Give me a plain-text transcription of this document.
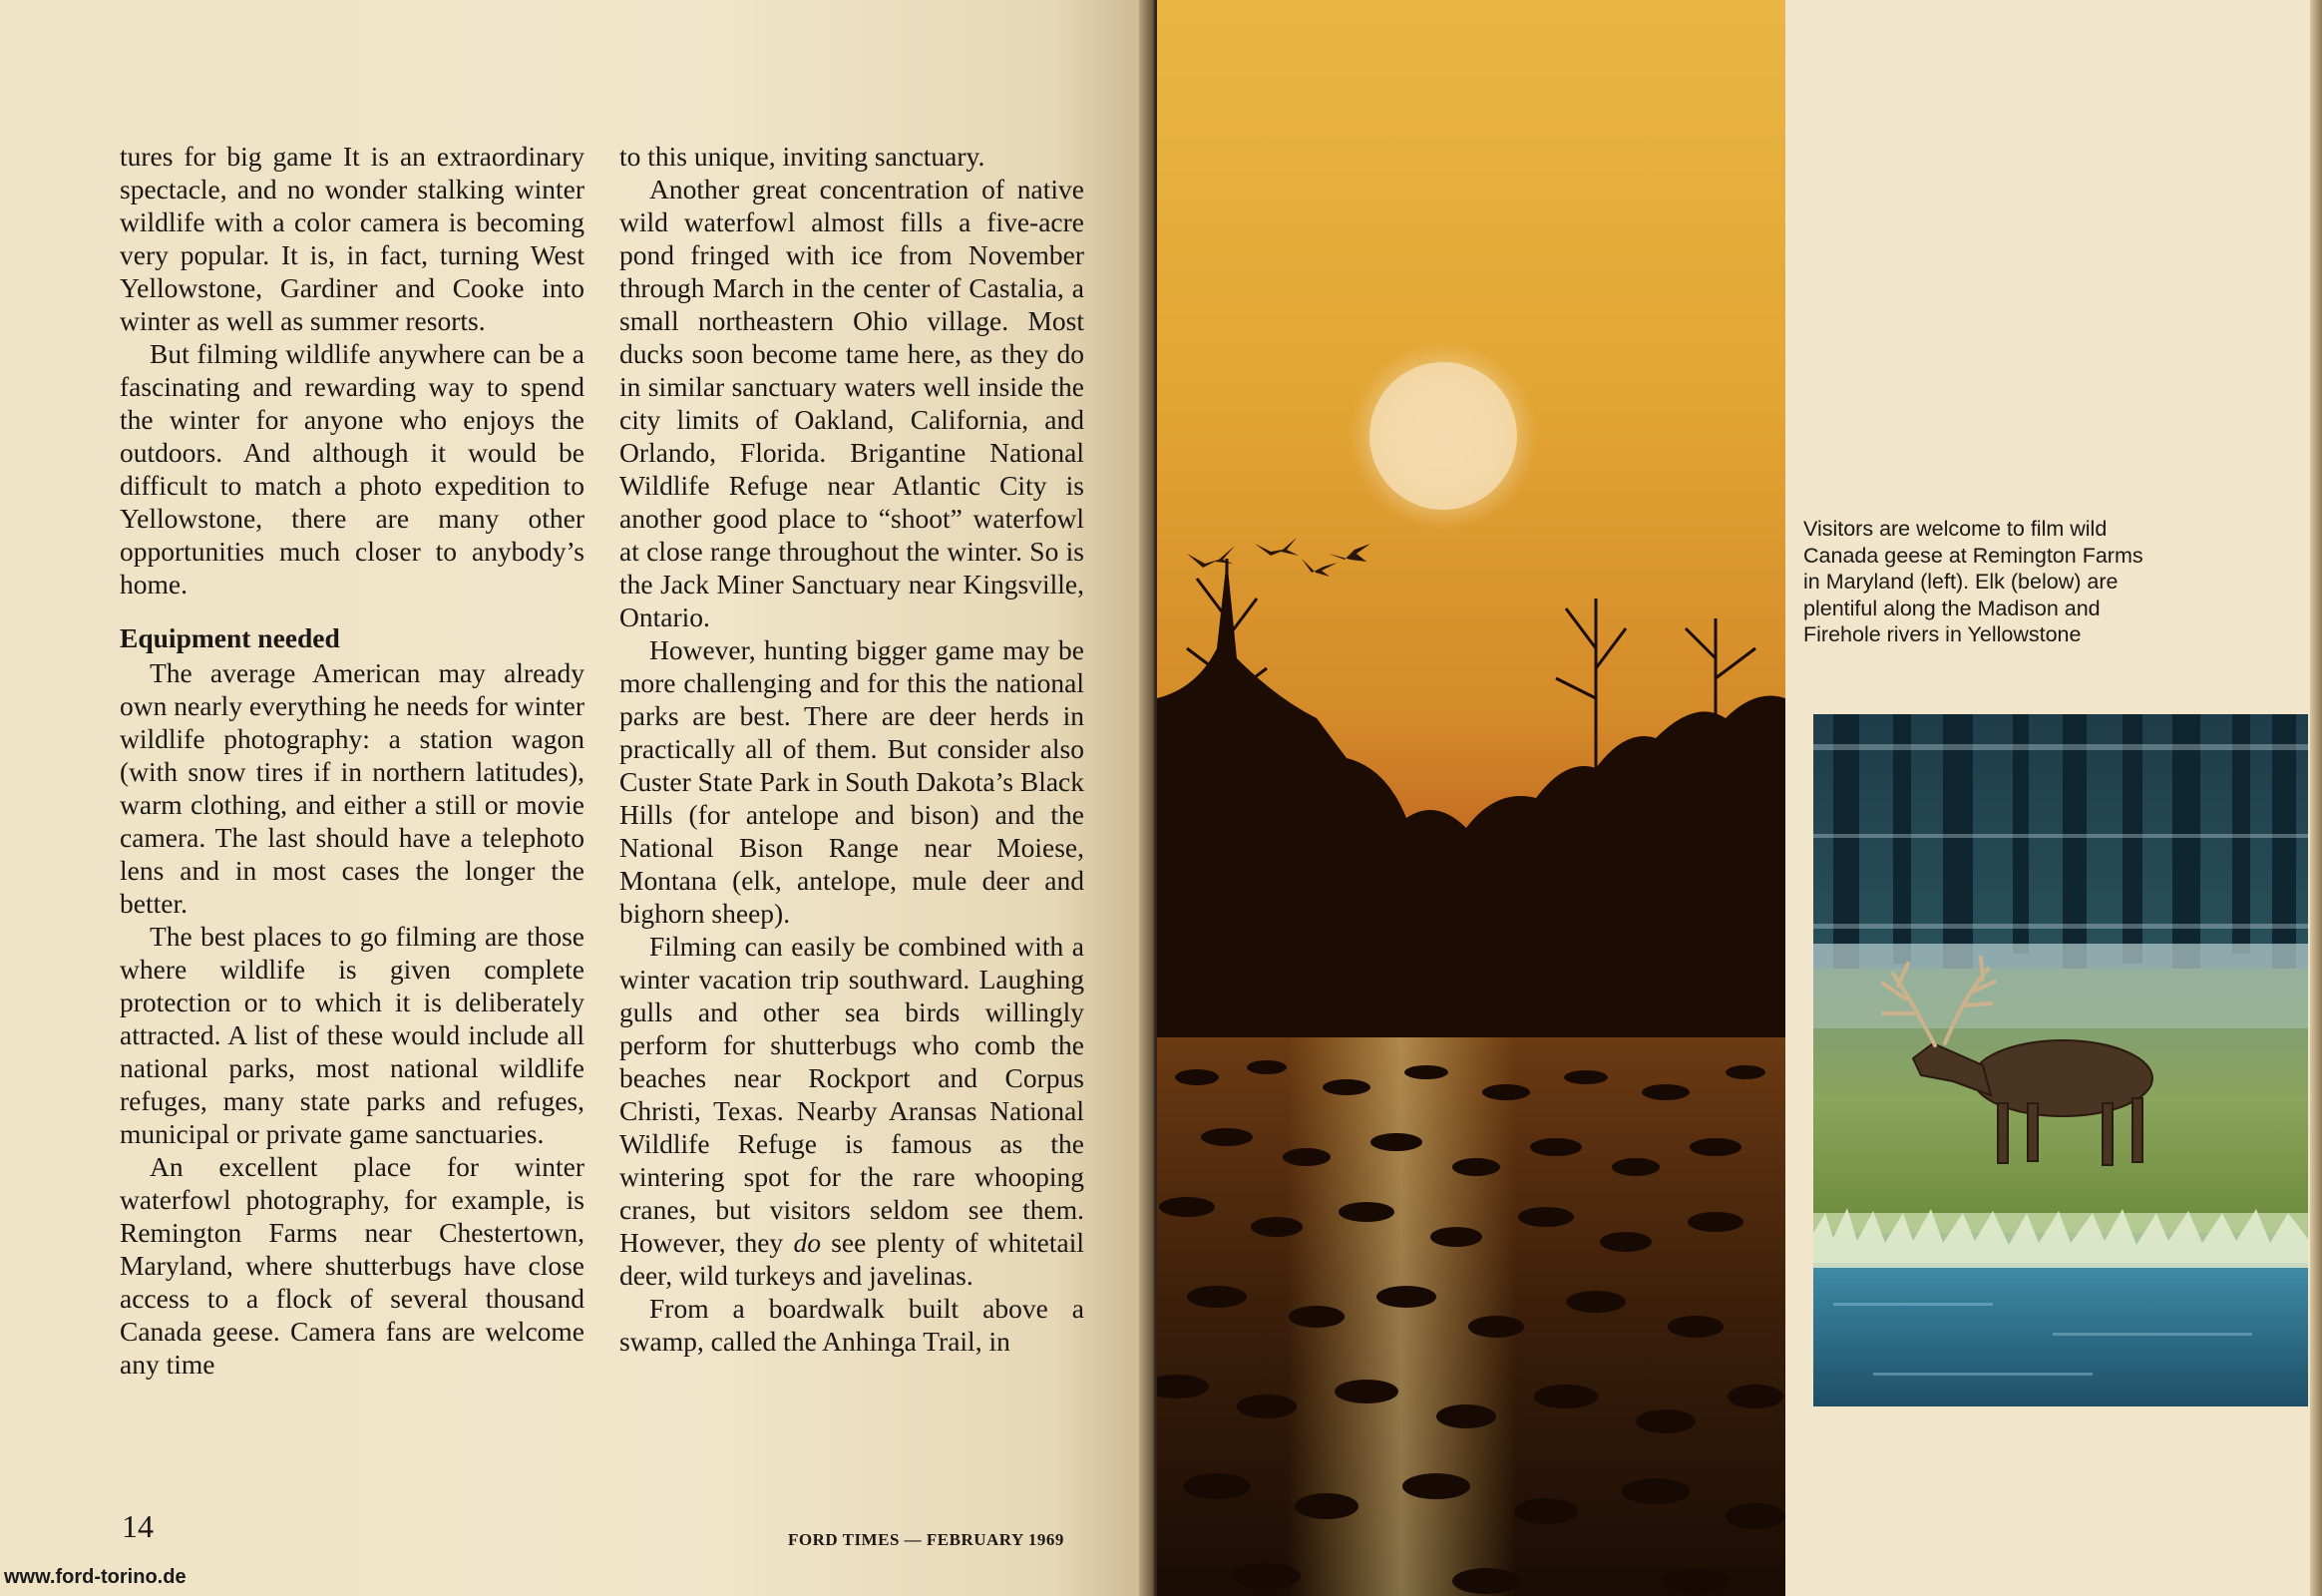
tures for big game It is an extraordinary spectacle, and no wonder stalking winter wildlife with a color camera is becoming very popular. It is, in fact, turning West Yellowstone, Gardiner and Cooke into winter as well as summer resorts.

But filming wildlife anywhere can be a fascinating and rewarding way to spend the winter for anyone who enjoys the outdoors. And although it would be difficult to match a photo expedition to Yellowstone, there are many other opportunities much closer to anybody’s home.

Equipment needed

The average American may already own nearly everything he needs for winter wildlife photography: a station wagon (with snow tires if in northern latitudes), warm clothing, and either a still or movie camera. The last should have a telephoto lens and in most cases the longer the better.

The best places to go filming are those where wildlife is given complete protection or to which it is deliberately attracted. A list of these would include all national parks, most national wildlife refuges, many state parks and refuges, municipal or private game sanctuaries.

An excellent place for winter waterfowl photography, for example, is Remington Farms near Chestertown, Maryland, where shutterbugs have close access to a flock of several thousand Canada geese. Camera fans are welcome any time

to this unique, inviting sanctuary.

Another great concentration of native wild waterfowl almost fills a five-acre pond fringed with ice from November through March in the center of Castalia, a small northeastern Ohio village. Most ducks soon become tame here, as they do in similar sanctuary waters well inside the city limits of Oakland, California, and Orlando, Florida. Brigantine National Wildlife Refuge near Atlantic City is another good place to “shoot” waterfowl at close range throughout the winter. So is the Jack Miner Sanctuary near Kingsville, Ontario.

However, hunting bigger game may be more challenging and for this the national parks are best. There are deer herds in practically all of them. But consider also Custer State Park in South Dakota’s Black Hills (for antelope and bison) and the National Bison Range near Moiese, Montana (elk, antelope, mule deer and bighorn sheep).

Filming can easily be combined with a winter vacation trip southward. Laughing gulls and other sea birds willingly perform for shutterbugs who comb the beaches near Rockport and Corpus Christi, Texas. Nearby Aransas National Wildlife Refuge is famous as the wintering spot for the rare whooping cranes, but visitors seldom see them. However, they do see plenty of whitetail deer, wild turkeys and javelinas.

From a boardwalk built above a swamp, called the Anhinga Trail, in

14	FORD TIMES — FEBRUARY 1969
www.ford-torino.de
Visitors are welcome to film wild Canada geese at Remington Farms in Maryland (left). Elk (below) are plentiful along the Madison and Firehole rivers in Yellowstone
